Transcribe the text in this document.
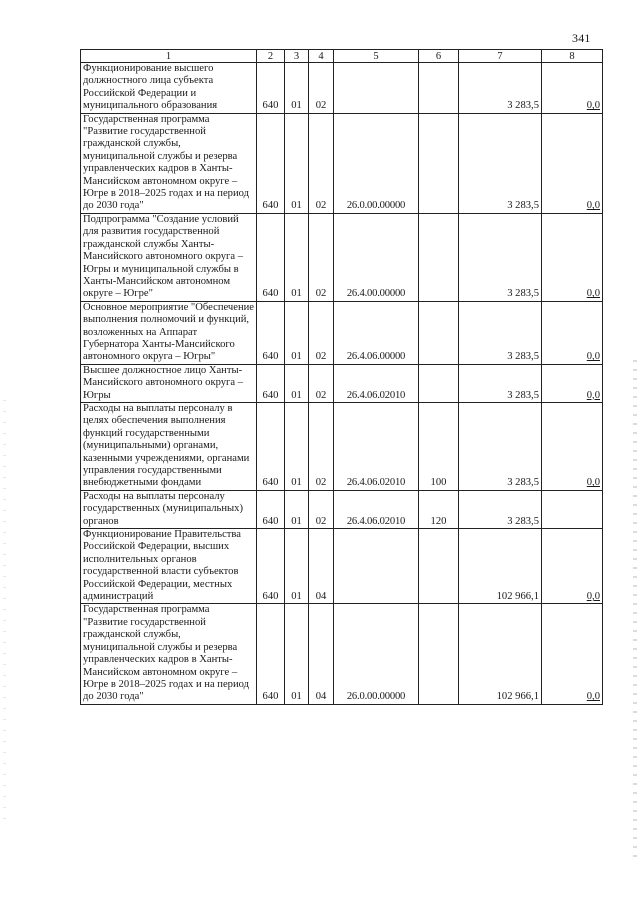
341
1	2	3	4	5	6	7	8
Функционирование высшего должностного лица субъекта Российской Федерации и муниципального образования	640	01	02			3 283,5	0,0
Государственная программа "Развитие государственной гражданской службы, муниципальной службы и резерва управленческих кадров в Ханты-Мансийском автономном округе – Югре в 2018–2025 годах и на период до 2030 года"	640	01	02	26.0.00.00000		3 283,5	0,0
Подпрограмма "Создание условий для развития государственной гражданской службы Ханты-Мансийского автономного округа – Югры и муниципальной службы в Ханты-Мансийском автономном округе – Югре"	640	01	02	26.4.00.00000		3 283,5	0,0
Основное мероприятие "Обеспечение выполнения полномочий и функций, возложенных на Аппарат Губернатора Ханты-Мансийского автономного округа – Югры"	640	01	02	26.4.06.00000		3 283,5	0,0
Высшее должностное лицо Ханты-Мансийского автономного округа – Югры	640	01	02	26.4.06.02010		3 283,5	0,0
Расходы на выплаты персоналу в целях обеспечения выполнения функций государственными (муниципальными) органами, казенными учреждениями, органами управления государственными внебюджетными фондами	640	01	02	26.4.06.02010	100	3 283,5	0,0
Расходы на выплаты персоналу государственных (муниципальных) органов	640	01	02	26.4.06.02010	120	3 283,5	
Функционирование Правительства Российской Федерации, высших исполнительных органов государственной власти субъектов Российской Федерации, местных администраций	640	01	04			102 966,1	0,0
Государственная программа "Развитие государственной гражданской службы, муниципальной службы и резерва управленческих кадров в Ханты-Мансийском автономном округе – Югре в 2018–2025 годах и на период до 2030 года"	640	01	04	26.0.00.00000		102 966,1	0,0
